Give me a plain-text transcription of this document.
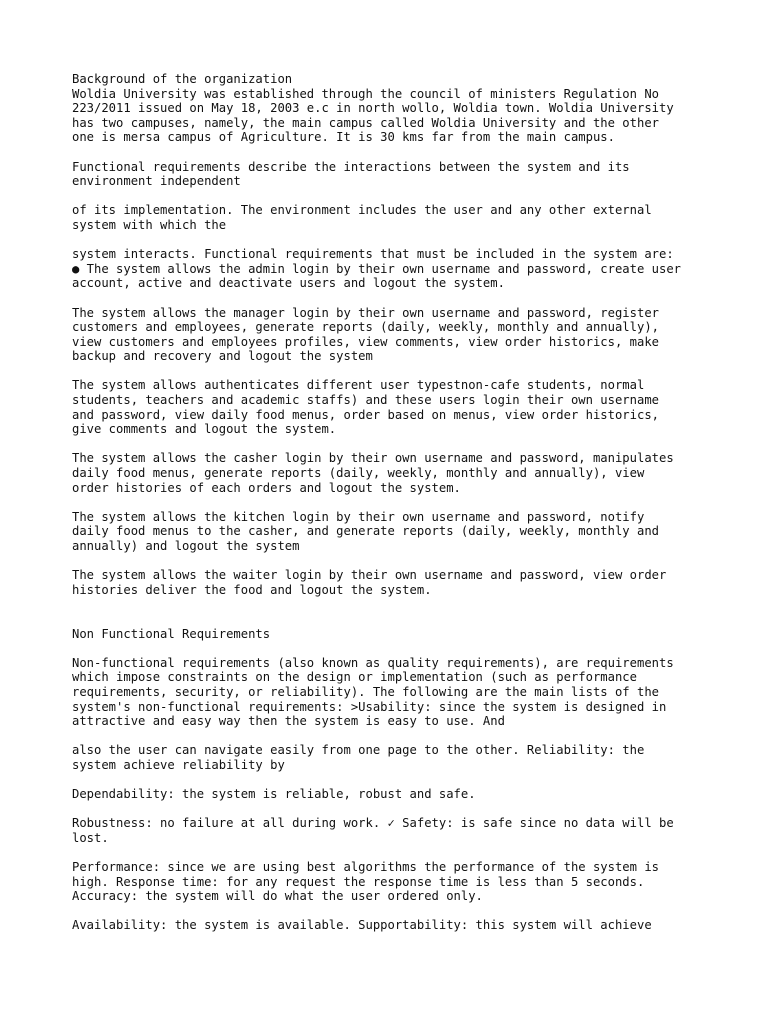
Background of the organization
Woldia University was established through the council of ministers Regulation No
223/2011 issued on May 18, 2003 e.c in north wollo, Woldia town. Woldia University
has two campuses, namely, the main campus called Woldia University and the other
one is mersa campus of Agriculture. It is 30 kms far from the main campus.

Functional requirements describe the interactions between the system and its
environment independent

of its implementation. The environment includes the user and any other external
system with which the

system interacts. Functional requirements that must be included in the system are:
● The system allows the admin login by their own username and password, create user
account, active and deactivate users and logout the system.

The system allows the manager login by their own username and password, register
customers and employees, generate reports (daily, weekly, monthly and annually),
view customers and employees profiles, view comments, view order historics, make
backup and recovery and logout the system

The system allows authenticates different user typestnon-cafe students, normal
students, teachers and academic staffs) and these users login their own username
and password, view daily food menus, order based on menus, view order historics,
give comments and logout the system.

The system allows the casher login by their own username and password, manipulates
daily food menus, generate reports (daily, weekly, monthly and annually), view
order histories of each orders and logout the system.

The system allows the kitchen login by their own username and password, notify
daily food menus to the casher, and generate reports (daily, weekly, monthly and
annually) and logout the system

The system allows the waiter login by their own username and password, view order
histories deliver the food and logout the system.

Non Functional Requirements

Non-functional requirements (also known as quality requirements), are requirements
which impose constraints on the design or implementation (such as performance
requirements, security, or reliability). The following are the main lists of the
system's non-functional requirements: >Usability: since the system is designed in
attractive and easy way then the system is easy to use. And

also the user can navigate easily from one page to the other. Reliability: the
system achieve reliability by

Dependability: the system is reliable, robust and safe.

Robustness: no failure at all during work. ✓ Safety: is safe since no data will be
lost.

Performance: since we are using best algorithms the performance of the system is
high. Response time: for any request the response time is less than 5 seconds.
Accuracy: the system will do what the user ordered only.

Availability: the system is available. Supportability: this system will achieve
